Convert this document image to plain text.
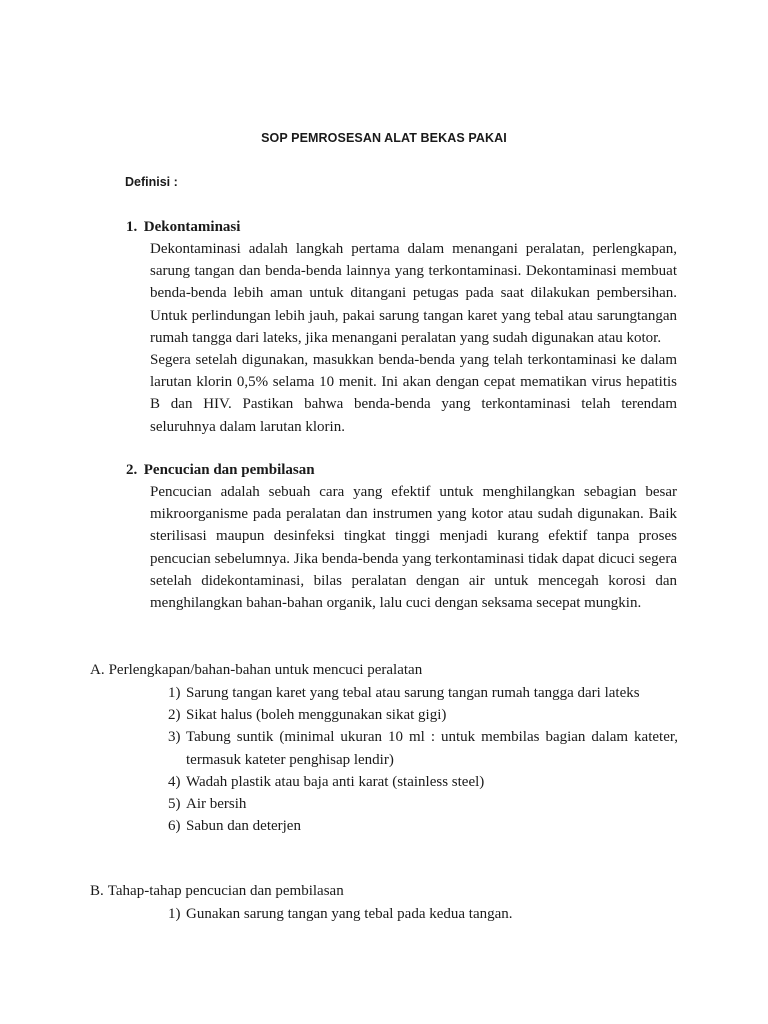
SOP PEMROSESAN ALAT BEKAS PAKAI
Definisi :
1. Dekontaminasi

Dekontaminasi adalah langkah pertama dalam menangani peralatan, perlengkapan, sarung tangan dan benda-benda lainnya yang terkontaminasi. Dekontaminasi membuat benda-benda lebih aman untuk ditangani petugas pada saat dilakukan pembersihan. Untuk perlindungan lebih jauh, pakai sarung tangan karet yang tebal atau sarungtangan rumah tangga dari lateks, jika menangani peralatan yang sudah digunakan atau kotor.

Segera setelah digunakan, masukkan benda-benda yang telah terkontaminasi ke dalam larutan klorin 0,5% selama 10 menit. Ini akan dengan cepat mematikan virus hepatitis B dan HIV. Pastikan bahwa benda-benda yang terkontaminasi telah terendam seluruhnya dalam larutan klorin.

2. Pencucian dan pembilasan

Pencucian adalah sebuah cara yang efektif untuk menghilangkan sebagian besar mikroorganisme pada peralatan dan instrumen yang kotor atau sudah digunakan. Baik sterilisasi maupun desinfeksi tingkat tinggi menjadi kurang efektif tanpa proses pencucian sebelumnya. Jika benda-benda yang terkontaminasi tidak dapat dicuci segera setelah didekontaminasi, bilas peralatan dengan air untuk mencegah korosi dan menghilangkan bahan-bahan organik, lalu cuci dengan seksama secepat mungkin.

A. Perlengkapan/bahan-bahan untuk mencuci peralatan
1) Sarung tangan karet yang tebal atau sarung tangan rumah tangga dari lateks
2) Sikat halus (boleh menggunakan sikat gigi)
3) Tabung suntik (minimal ukuran 10 ml : untuk membilas bagian dalam kateter, termasuk kateter penghisap lendir)
4) Wadah plastik atau baja anti karat (stainless steel)
5) Air bersih
6) Sabun dan deterjen
B. Tahap-tahap pencucian dan pembilasan
1) Gunakan sarung tangan yang tebal pada kedua tangan.
